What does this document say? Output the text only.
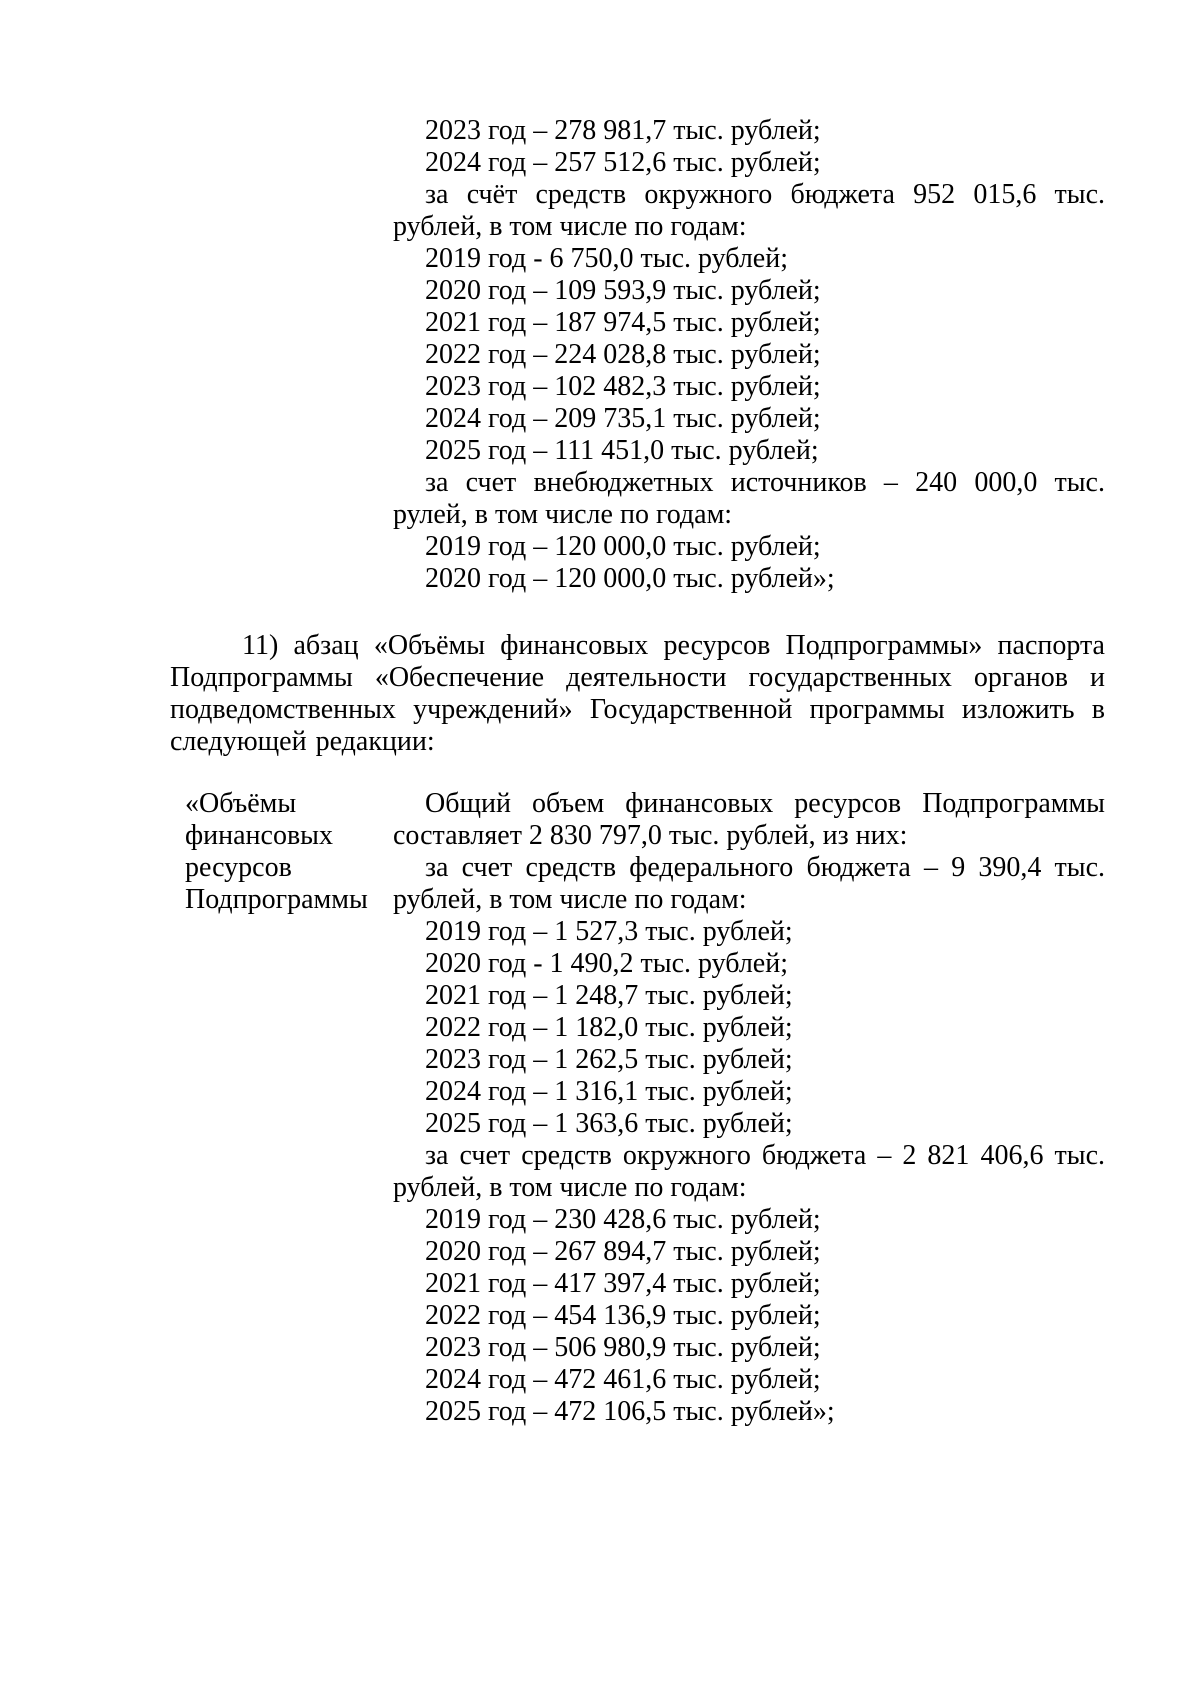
2023 год – 278 981,7 тыс. рублей;
2024 год – 257 512,6 тыс. рублей;
за счёт средств окружного бюджета 952 015,6 тыс. рублей, в том числе по годам:
2019 год - 6 750,0 тыс. рублей;
2020 год – 109 593,9 тыс. рублей;
2021 год – 187 974,5 тыс. рублей;
2022 год – 224 028,8 тыс. рублей;
2023 год – 102 482,3 тыс. рублей;
2024 год – 209 735,1 тыс. рублей;
2025 год – 111 451,0 тыс. рублей;
за счет внебюджетных источников – 240 000,0 тыс. рулей, в том числе по годам:
2019 год – 120 000,0 тыс. рублей;
2020 год – 120 000,0 тыс. рублей»;
11) абзац «Объёмы финансовых ресурсов Подпрограммы» паспорта Подпрограммы «Обеспечение деятельности государственных органов и подведомственных учреждений» Государственной программы изложить в следующей редакции:
«Объёмы
финансовых
ресурсов
Подпрограммы
Общий объем финансовых ресурсов Подпрограммы составляет 2 830 797,0 тыс. рублей, из них:
за счет средств федерального бюджета – 9 390,4 тыс. рублей, в том числе по годам:
2019 год – 1 527,3 тыс. рублей;
2020 год - 1 490,2 тыс. рублей;
2021 год – 1 248,7 тыс. рублей;
2022 год – 1 182,0 тыс. рублей;
2023 год – 1 262,5 тыс. рублей;
2024 год – 1 316,1 тыс. рублей;
2025 год – 1 363,6 тыс. рублей;
за счет средств окружного бюджета – 2 821 406,6 тыс. рублей, в том числе по годам:
2019 год – 230 428,6 тыс. рублей;
2020 год – 267 894,7 тыс. рублей;
2021 год – 417 397,4 тыс. рублей;
2022 год – 454 136,9 тыс. рублей;
2023 год – 506 980,9 тыс. рублей;
2024 год – 472 461,6 тыс. рублей;
2025 год – 472 106,5 тыс. рублей»;
